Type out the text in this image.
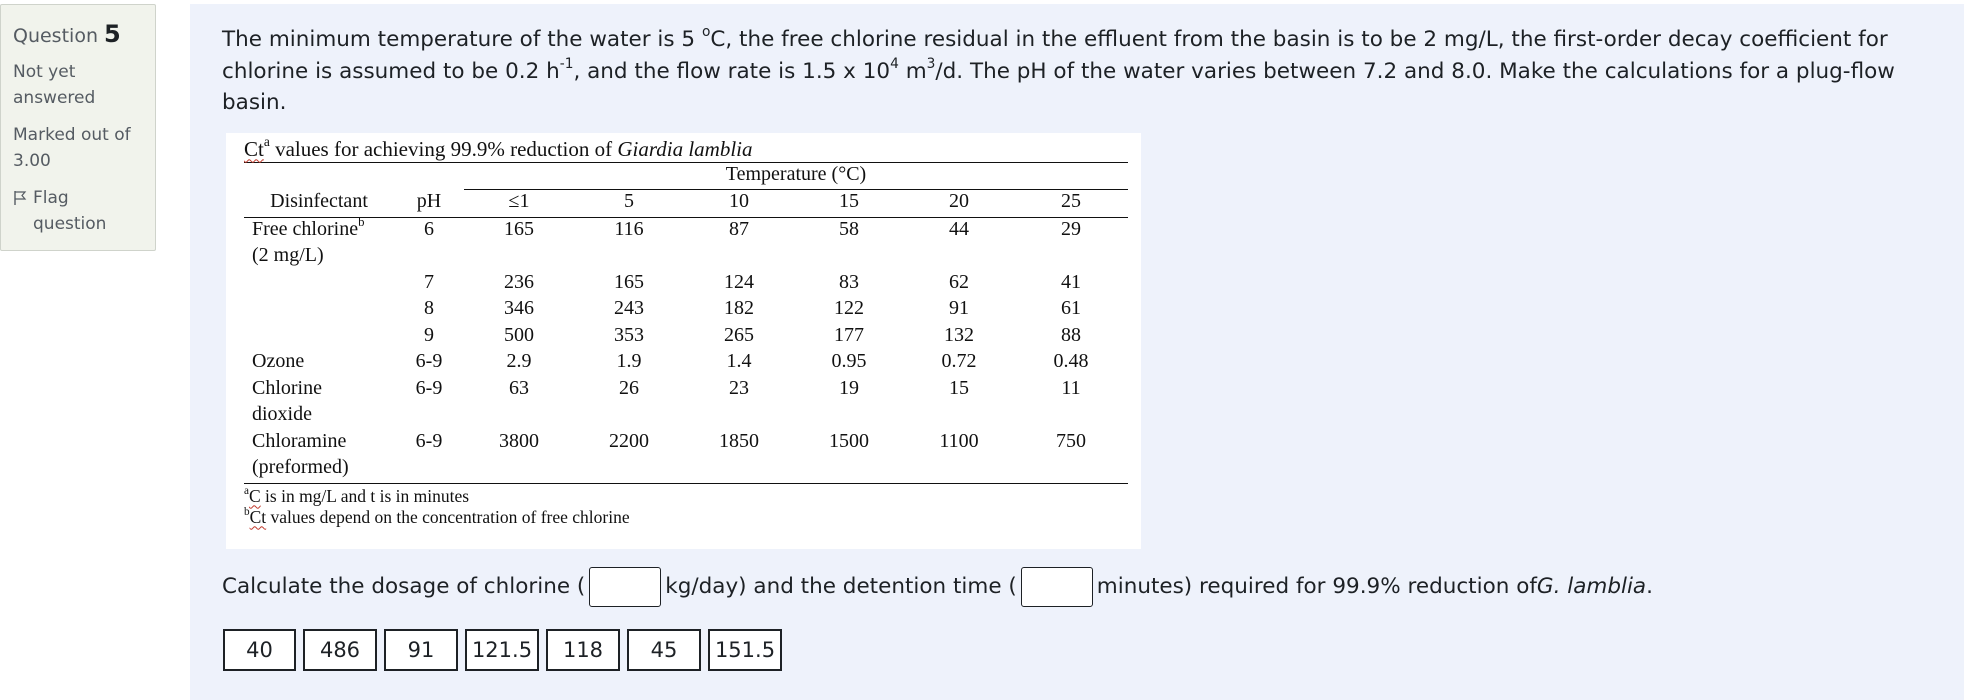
Question 5
Not yet answered
Marked out of 3.00
Flag question

The minimum temperature of the water is 5 $^o$C, the free chlorine residual in the effluent from the basin is to be 2 mg/L, the first-order decay coefficient for chlorine is assumed to be 0.2 $h^{-1}$, and the flow rate is 1.5 x $10^4$ $m^3/d$. The pH of the water varies between 7.2 and 8.0. Make the calculations for a plug-flow basin.

Ct$^a$ values for achieving 99.9% reduction of Giardia lamblia
		Temperature (°C)					
Disinfectant	pH	≤1	5	10	15	20	25
Free chlorine$^b$	6	165	116	87	58	44	29
(2 mg/L)							
	7	236	165	124	83	62	41
	8	346	243	182	122	91	61
	9	500	353	265	177	132	88
Ozone	6-9	2.9	1.9	1.4	0.95	0.72	0.48
Chlorine	6-9	63	26	23	19	15	11
dioxide							
Chloramine	6-9	3800	2200	1850	1500	1100	750
(preformed)							
$^a$C is in mg/L and t is in minutes
$^b$Ct values depend on the concentration of free chlorine
Calculate the dosage of chlorine (	kg/day) and the detention time (	minutes) required for 99.9% reduction of G. lamblia .
40	486	91	121.5	118	45	151.5
